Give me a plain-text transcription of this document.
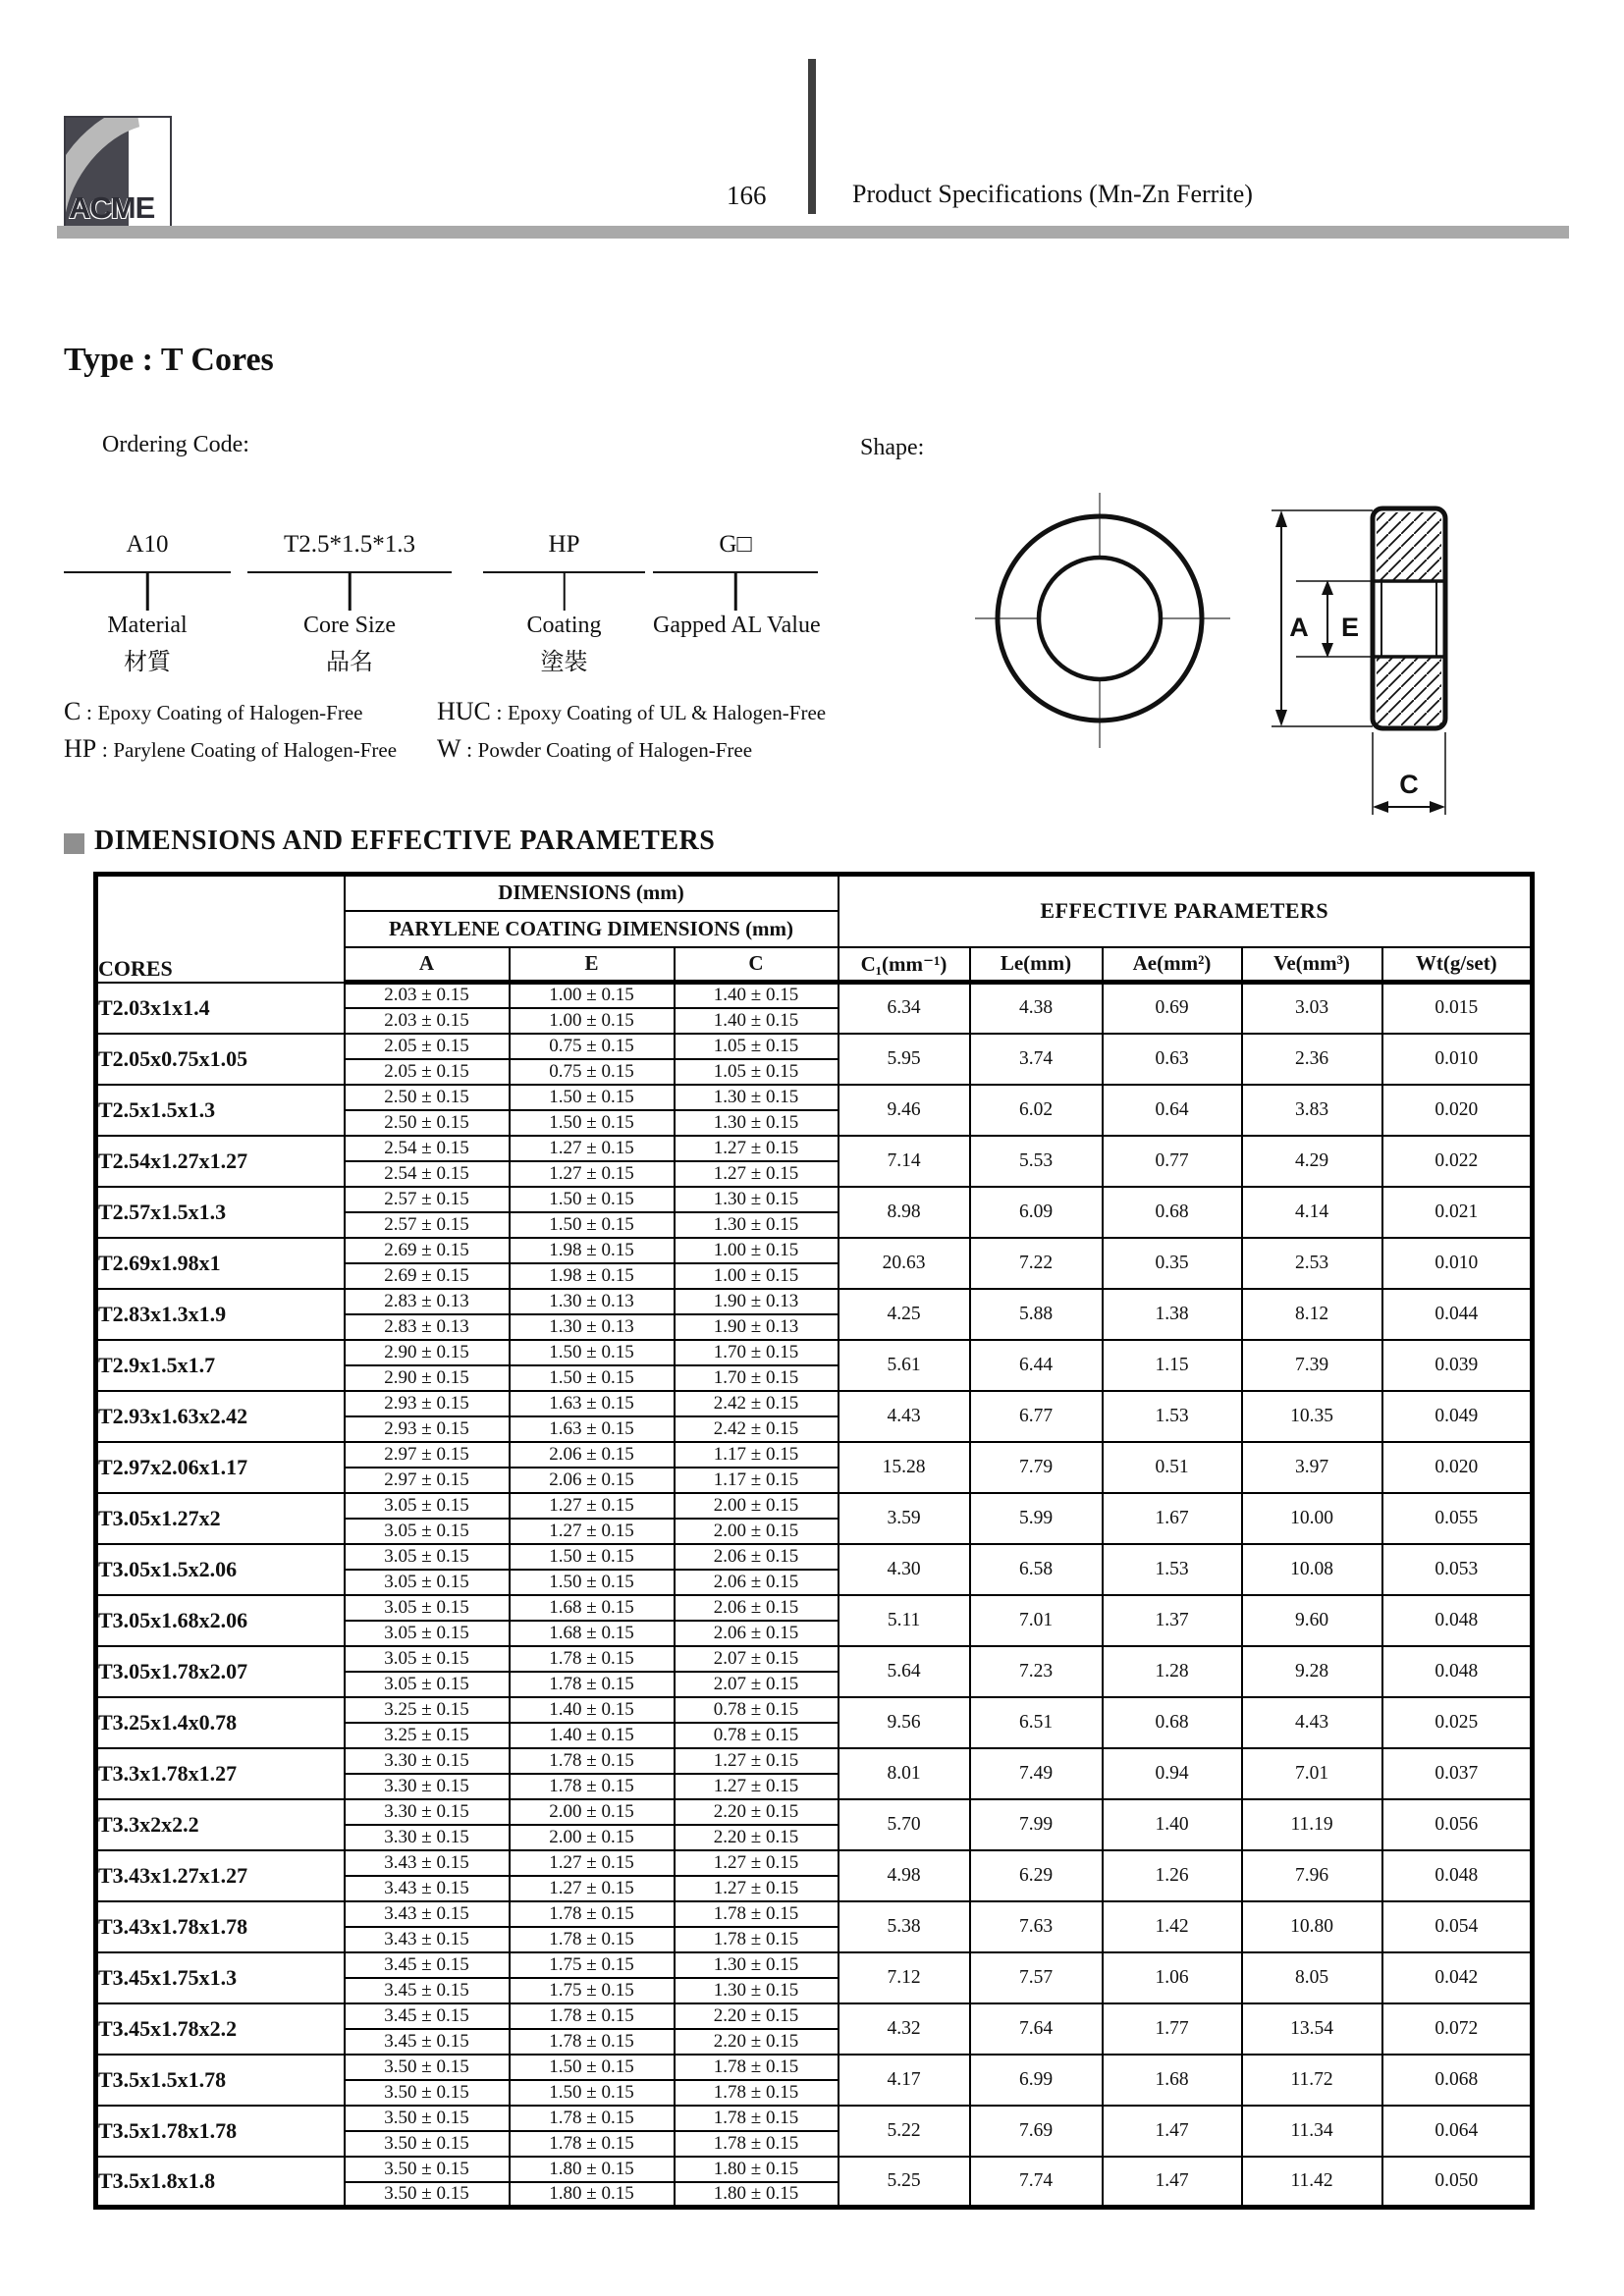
ACME	166	Product Specifications (Mn-Zn Ferrite)
Type : T Cores
Ordering Code:	Shape:
A10
Material
材質
T2.5*1.5*1.3
Core Size
品名
HP
Coating
塗裝
G□
Gapped AL Value
C : Epoxy Coating of Halogen-Free	HUC : Epoxy Coating of UL & Halogen-Free
HP : Parylene Coating of Halogen-Free W : Powder Coating of Halogen-Free
A E
C
DIMENSIONS AND EFFECTIVE PARAMETERS
CORES	DIMENSIONS (mm)			EFFECTIVE PARAMETERS				
	PARYLENE COATING DIMENSIONS (mm)							
	A	E	C	C₁(mm⁻¹)	Le(mm)	Ae(mm²)	Ve(mm³)	Wt(g/set)
T2.03x1x1.4	2.03 ± 0.15	1.00 ± 0.15	1.40 ± 0.15	6.34	4.38	0.69	3.03	0.015
	2.03 ± 0.15	1.00 ± 0.15	1.40 ± 0.15					
T2.05x0.75x1.05	2.05 ± 0.15	0.75 ± 0.15	1.05 ± 0.15	5.95	3.74	0.63	2.36	0.010
	2.05 ± 0.15	0.75 ± 0.15	1.05 ± 0.15					
T2.5x1.5x1.3	2.50 ± 0.15	1.50 ± 0.15	1.30 ± 0.15	9.46	6.02	0.64	3.83	0.020
	2.50 ± 0.15	1.50 ± 0.15	1.30 ± 0.15					
T2.54x1.27x1.27	2.54 ± 0.15	1.27 ± 0.15	1.27 ± 0.15	7.14	5.53	0.77	4.29	0.022
	2.54 ± 0.15	1.27 ± 0.15	1.27 ± 0.15					
T2.57x1.5x1.3	2.57 ± 0.15	1.50 ± 0.15	1.30 ± 0.15	8.98	6.09	0.68	4.14	0.021
	2.57 ± 0.15	1.50 ± 0.15	1.30 ± 0.15					
T2.69x1.98x1	2.69 ± 0.15	1.98 ± 0.15	1.00 ± 0.15	20.63	7.22	0.35	2.53	0.010
	2.69 ± 0.15	1.98 ± 0.15	1.00 ± 0.15					
T2.83x1.3x1.9	2.83 ± 0.13	1.30 ± 0.13	1.90 ± 0.13	4.25	5.88	1.38	8.12	0.044
	2.83 ± 0.13	1.30 ± 0.13	1.90 ± 0.13					
T2.9x1.5x1.7	2.90 ± 0.15	1.50 ± 0.15	1.70 ± 0.15	5.61	6.44	1.15	7.39	0.039
	2.90 ± 0.15	1.50 ± 0.15	1.70 ± 0.15					
T2.93x1.63x2.42	2.93 ± 0.15	1.63 ± 0.15	2.42 ± 0.15	4.43	6.77	1.53	10.35	0.049
	2.93 ± 0.15	1.63 ± 0.15	2.42 ± 0.15					
T2.97x2.06x1.17	2.97 ± 0.15	2.06 ± 0.15	1.17 ± 0.15	15.28	7.79	0.51	3.97	0.020
	2.97 ± 0.15	2.06 ± 0.15	1.17 ± 0.15					
T3.05x1.27x2	3.05 ± 0.15	1.27 ± 0.15	2.00 ± 0.15	3.59	5.99	1.67	10.00	0.055
	3.05 ± 0.15	1.27 ± 0.15	2.00 ± 0.15					
T3.05x1.5x2.06	3.05 ± 0.15	1.50 ± 0.15	2.06 ± 0.15	4.30	6.58	1.53	10.08	0.053
	3.05 ± 0.15	1.50 ± 0.15	2.06 ± 0.15					
T3.05x1.68x2.06	3.05 ± 0.15	1.68 ± 0.15	2.06 ± 0.15	5.11	7.01	1.37	9.60	0.048
	3.05 ± 0.15	1.68 ± 0.15	2.06 ± 0.15					
T3.05x1.78x2.07	3.05 ± 0.15	1.78 ± 0.15	2.07 ± 0.15	5.64	7.23	1.28	9.28	0.048
	3.05 ± 0.15	1.78 ± 0.15	2.07 ± 0.15					
T3.25x1.4x0.78	3.25 ± 0.15	1.40 ± 0.15	0.78 ± 0.15	9.56	6.51	0.68	4.43	0.025
	3.25 ± 0.15	1.40 ± 0.15	0.78 ± 0.15					
T3.3x1.78x1.27	3.30 ± 0.15	1.78 ± 0.15	1.27 ± 0.15	8.01	7.49	0.94	7.01	0.037
	3.30 ± 0.15	1.78 ± 0.15	1.27 ± 0.15					
T3.3x2x2.2	3.30 ± 0.15	2.00 ± 0.15	2.20 ± 0.15	5.70	7.99	1.40	11.19	0.056
	3.30 ± 0.15	2.00 ± 0.15	2.20 ± 0.15					
T3.43x1.27x1.27	3.43 ± 0.15	1.27 ± 0.15	1.27 ± 0.15	4.98	6.29	1.26	7.96	0.048
	3.43 ± 0.15	1.27 ± 0.15	1.27 ± 0.15					
T3.43x1.78x1.78	3.43 ± 0.15	1.78 ± 0.15	1.78 ± 0.15	5.38	7.63	1.42	10.80	0.054
	3.43 ± 0.15	1.78 ± 0.15	1.78 ± 0.15					
T3.45x1.75x1.3	3.45 ± 0.15	1.75 ± 0.15	1.30 ± 0.15	7.12	7.57	1.06	8.05	0.042
	3.45 ± 0.15	1.75 ± 0.15	1.30 ± 0.15					
T3.45x1.78x2.2	3.45 ± 0.15	1.78 ± 0.15	2.20 ± 0.15	4.32	7.64	1.77	13.54	0.072
	3.45 ± 0.15	1.78 ± 0.15	2.20 ± 0.15					
T3.5x1.5x1.78	3.50 ± 0.15	1.50 ± 0.15	1.78 ± 0.15	4.17	6.99	1.68	11.72	0.068
	3.50 ± 0.15	1.50 ± 0.15	1.78 ± 0.15					
T3.5x1.78x1.78	3.50 ± 0.15	1.78 ± 0.15	1.78 ± 0.15	5.22	7.69	1.47	11.34	0.064
	3.50 ± 0.15	1.78 ± 0.15	1.78 ± 0.15					
T3.5x1.8x1.8	3.50 ± 0.15	1.80 ± 0.15	1.80 ± 0.15	5.25	7.74	1.47	11.42	0.050
	3.50 ± 0.15	1.80 ± 0.15	1.80 ± 0.15					
